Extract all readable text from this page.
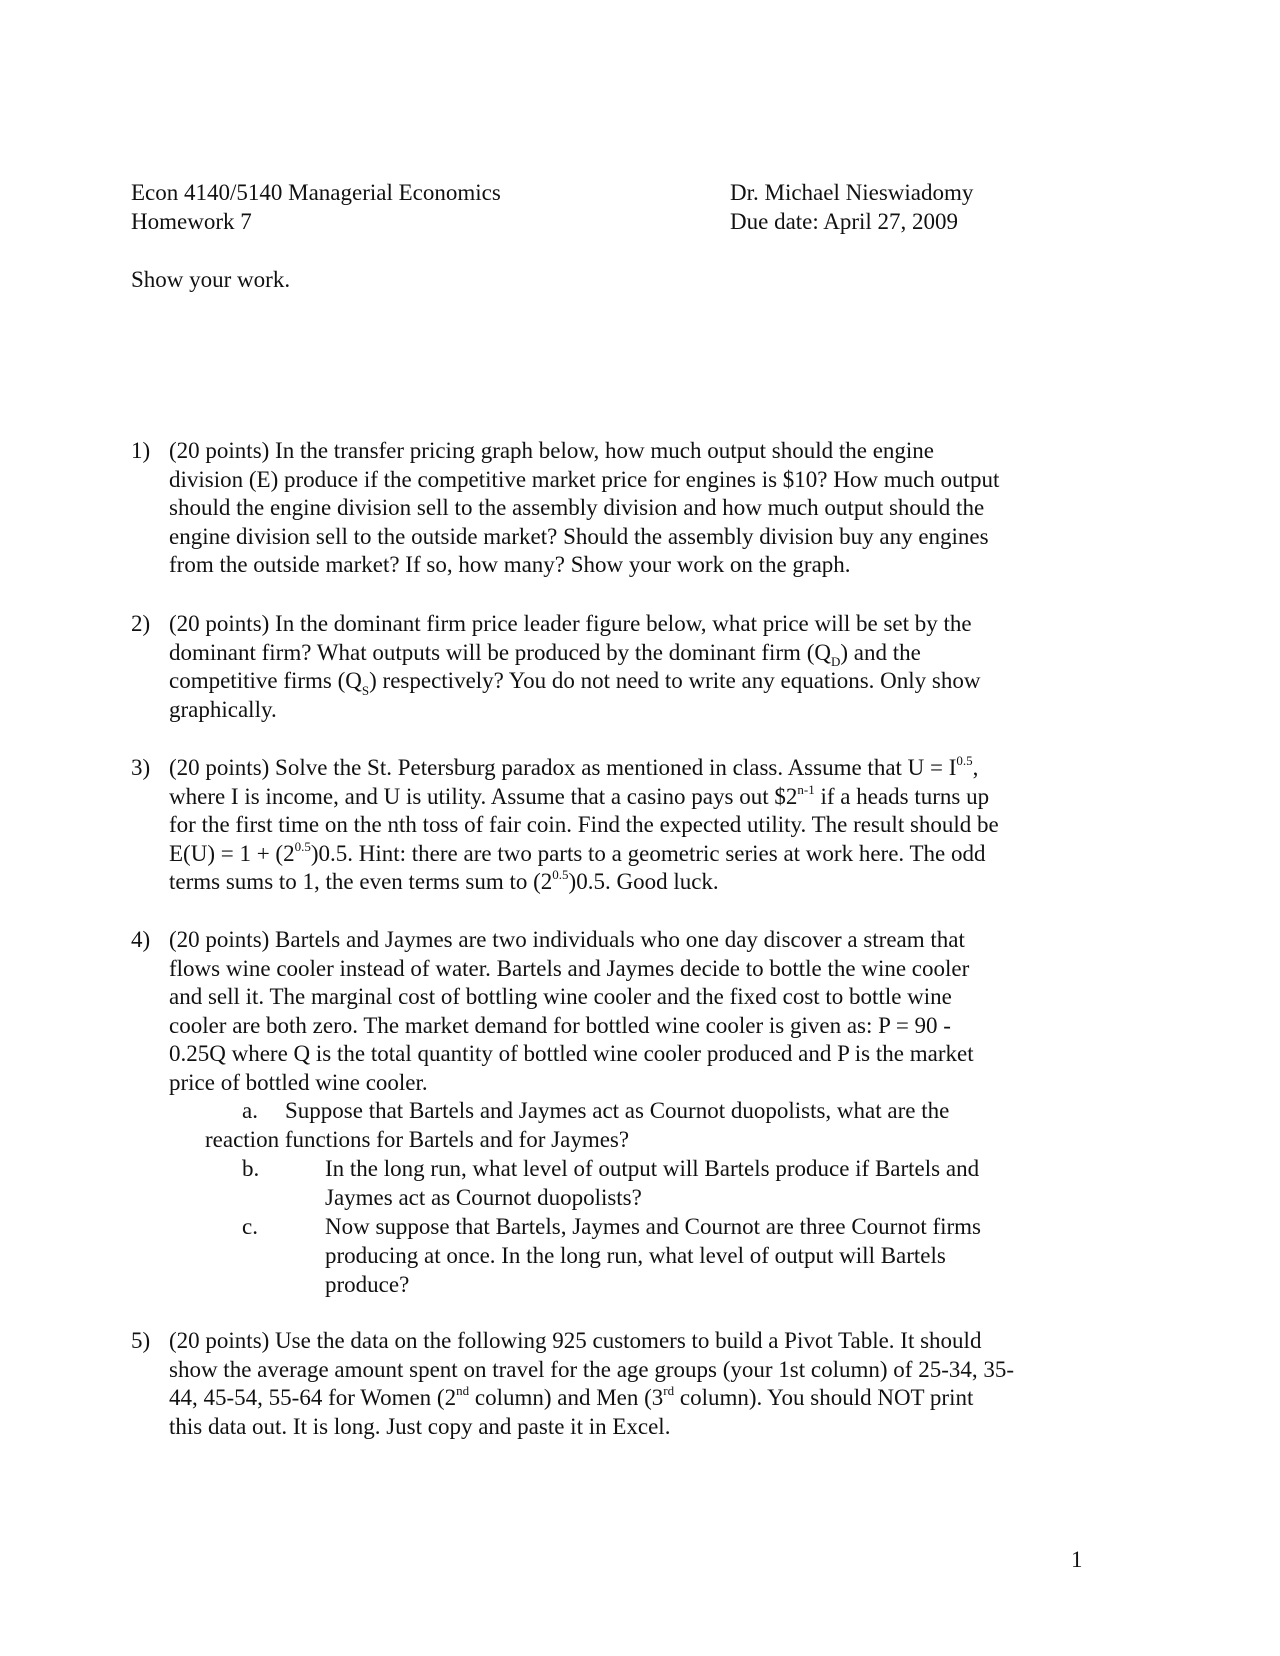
Econ 4140/5140 Managerial Economics
Homework 7
Dr. Michael Nieswiadomy
Due date: April 27, 2009
Show your work.
1) (20 points) In the transfer pricing graph below, how much output should the engine
division (E) produce if the competitive market price for engines is $10? How much output
should the engine division sell to the assembly division and how much output should the
engine division sell to the outside market? Should the assembly division buy any engines
from the outside market? If so, how many? Show your work on the graph.
2) (20 points) In the dominant firm price leader figure below, what price will be set by the
dominant firm? What outputs will be produced by the dominant firm $(Q_D)$ and the
competitive firms $(Q_S)$ respectively? You do not need to write any equations. Only show
graphically.
3) (20 points) Solve the St. Petersburg paradox as mentioned in class. Assume that $U = I^{0.5}$,
where I is income, and U is utility. Assume that a casino pays out $2$^{n-1}$ if a heads turns up
for the first time on the nth toss of fair coin. Find the expected utility. The result should be
$E(U) = 1 + (2^{0.5})0.5$. Hint: there are two parts to a geometric series at work here. The odd
terms sums to 1, the even terms sum to $(2^{0.5})0.5$. Good luck.
4) (20 points) Bartels and Jaymes are two individuals who one day discover a stream that
flows wine cooler instead of water. Bartels and Jaymes decide to bottle the wine cooler
and sell it. The marginal cost of bottling wine cooler and the fixed cost to bottle wine
cooler are both zero. The market demand for bottled wine cooler is given as: P = 90 -
0.25Q where Q is the total quantity of bottled wine cooler produced and P is the market
price of bottled wine cooler.
a. Suppose that Bartels and Jaymes act as Cournot duopolists, what are the
reaction functions for Bartels and for Jaymes?
b.	In the long run, what level of output will Bartels produce if Bartels and
Jaymes act as Cournot duopolists?
c.	Now suppose that Bartels, Jaymes and Cournot are three Cournot firms
producing at once. In the long run, what level of output will Bartels
produce?
5) (20 points) Use the data on the following 925 customers to build a Pivot Table. It should
show the average amount spent on travel for the age groups (your 1st column) of 25-34, 35-
44, 45-54, 55-64 for Women (2nd column) and Men (3rd column). You should NOT print
this data out. It is long. Just copy and paste it in Excel.
1
